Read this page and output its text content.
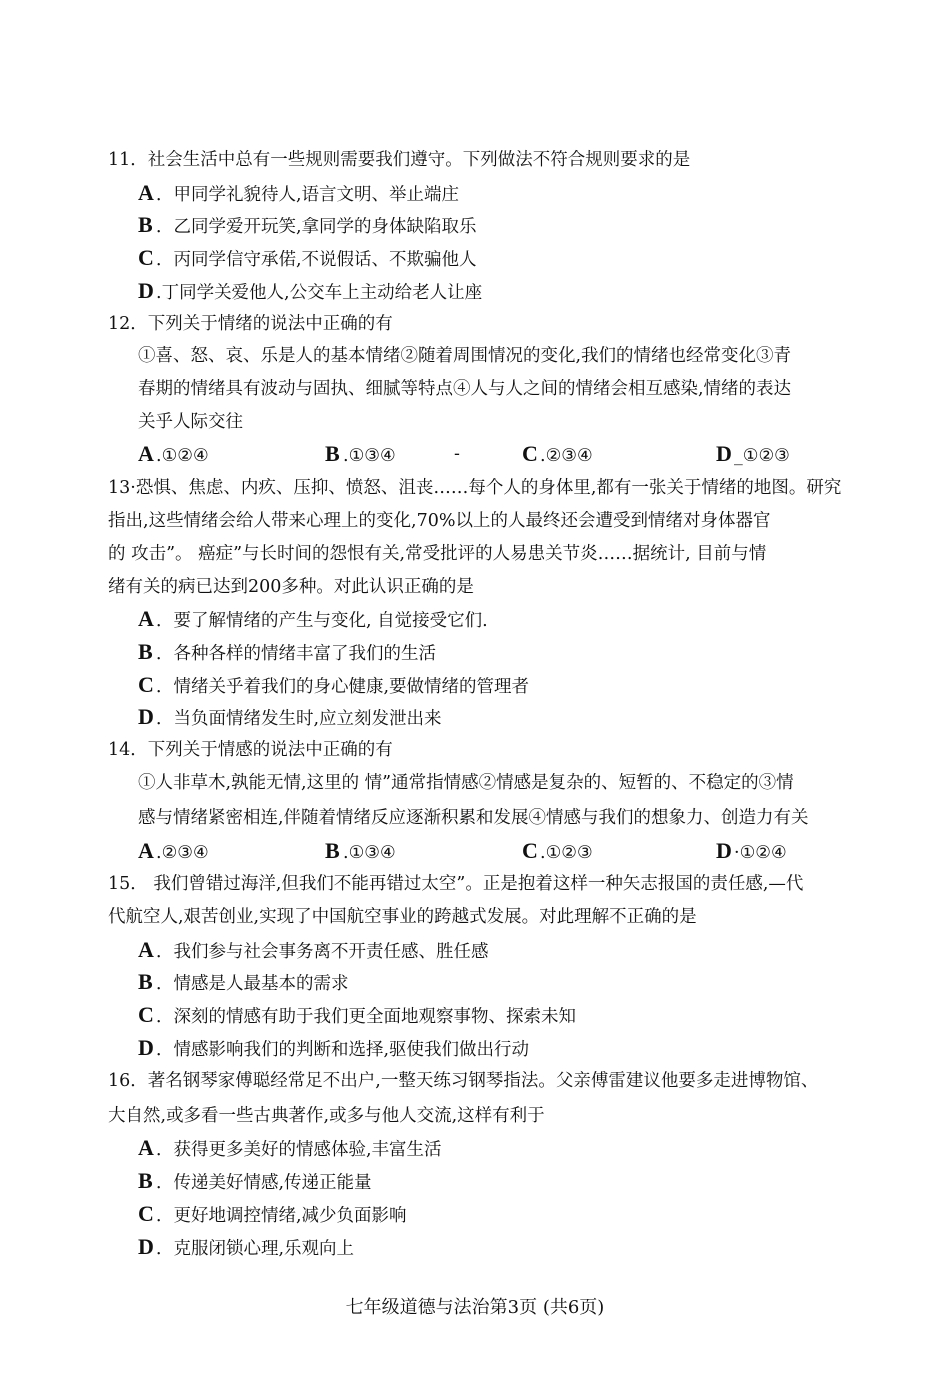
11．社会生活中总有一些规则需要我们遵守。下列做法不符合规则要求的是
A ．甲同学礼貌待人,语言文明、举止端庄
B ．乙同学爱开玩笑,拿同学的身体缺陷取乐
C ．丙同学信守承偌,不说假话、不欺骗他人
D .丁同学关爱他人,公交车上主动给老人让座
12．下列关于情绪的说法中正确的有
①喜、怒、哀、乐是人的基本情绪②随着周围情况的变化,我们的情绪也经常变化③青
春期的情绪具有波动与固执、细腻等特点④人与人之间的情绪会相互感染,情绪的表达
关乎人际交往
A .①②④	B .①③④	-	C .②③④	D _①②③
13·恐惧、焦虑、内疚、压抑、愤怒、沮丧……每个人的身体里,都有一张关于情绪的地图。研究
指出,这些情绪会给人带来心理上的变化,70%以上的人最终还会遭受到情绪对身体器官
的 攻击”。 癌症”与长时间的怨恨有关,常受批评的人易患关节炎……据统计, 目前与情
绪有关的病已达到200多种。对此认识正确的是
A ．要了解情绪的产生与变化, 自觉接受它们.
B ．各种各样的情绪丰富了我们的生活
C ．情绪关乎着我们的身心健康,要做情绪的管理者
D ．当负面情绪发生时,应立刻发泄出来
14．下列关于情感的说法中正确的有
①人非草木,孰能无情,这里的 情”通常指情感②情感是复杂的、短暂的、不稳定的③情
感与情绪紧密相连,伴随着情绪反应逐渐积累和发展④情感与我们的想象力、创造力有关
A .②③④	B .①③④	C .①②③	D ·①②④
15． 我们曾错过海洋,但我们不能再错过太空”。正是抱着这样一种矢志报国的责任感,—代
代航空人,艰苦创业,实现了中国航空事业的跨越式发展。对此理解不正确的是
A ．我们参与社会事务离不开责任感、胜任感
B ．情感是人最基本的需求
C ．深刻的情感有助于我们更全面地观察事物、探索未知
D ．情感影响我们的判断和选择,驱使我们做出行动
16．著名钢琴家傅聪经常足不出户,一整天练习钢琴指法。父亲傅雷建议他要多走进博物馆、
大自然,或多看一些古典著作,或多与他人交流,这样有利于
A ．获得更多美好的情感体验,丰富生活
B ．传递美好情感,传递正能量
C ．更好地调控情绪,减少负面影响
D ．克服闭锁心理,乐观向上
七年级道德与法治第3页 (共6页)
